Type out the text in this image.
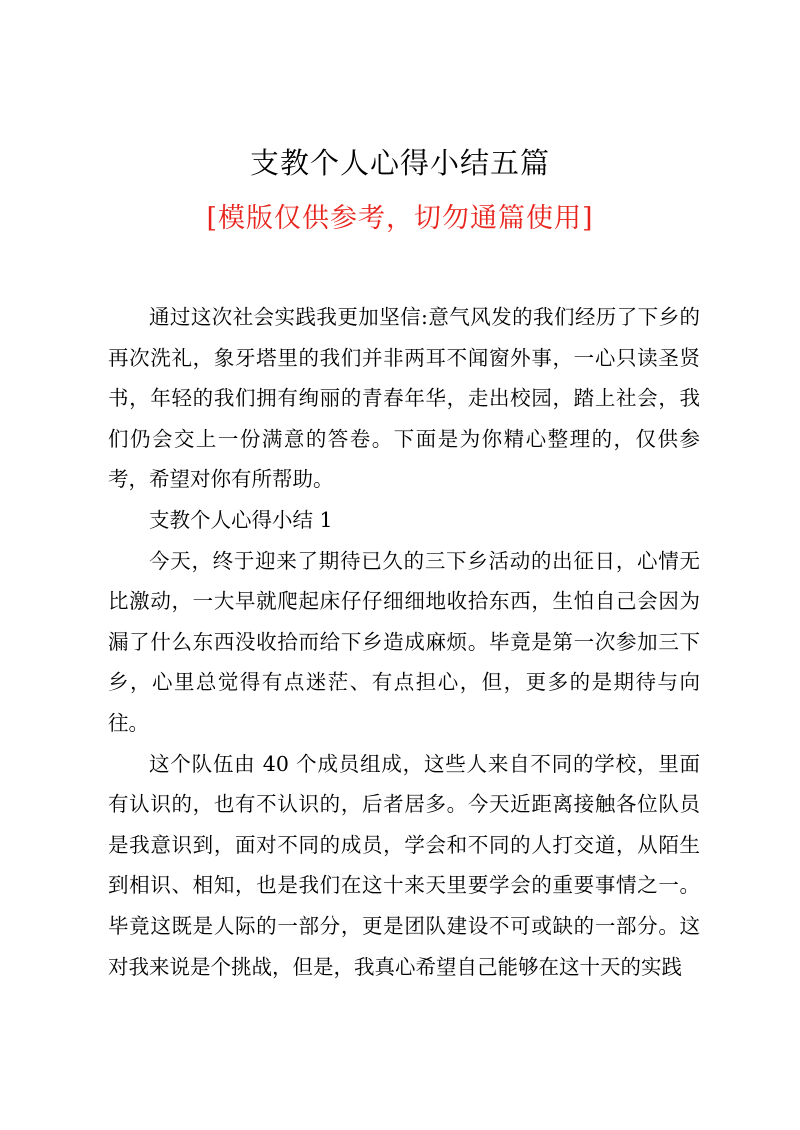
支教个人心得小结五篇
[模版仅供参考，切勿通篇使用]

通过这次社会实践我更加坚信:意气风发的我们经历了下乡的再次洗礼，象牙塔里的我们并非两耳不闻窗外事，一心只读圣贤书，年轻的我们拥有绚丽的青春年华，走出校园，踏上社会，我们仍会交上一份满意的答卷。下面是为你精心整理的，仅供参考，希望对你有所帮助。

支教个人心得小结 1

今天，终于迎来了期待已久的三下乡活动的出征日，心情无比激动，一大早就爬起床仔仔细细地收拾东西，生怕自己会因为漏了什么东西没收拾而给下乡造成麻烦。毕竟是第一次参加三下乡，心里总觉得有点迷茫、有点担心，但，更多的是期待与向往。

这个队伍由 40 个成员组成，这些人来自不同的学校，里面有认识的，也有不认识的，后者居多。今天近距离接触各位队员是我意识到，面对不同的成员，学会和不同的人打交道，从陌生到相识、相知，也是我们在这十来天里要学会的重要事情之一。毕竟这既是人际的一部分，更是团队建设不可或缺的一部分。这对我来说是个挑战，但是，我真心希望自己能够在这十天的实践
